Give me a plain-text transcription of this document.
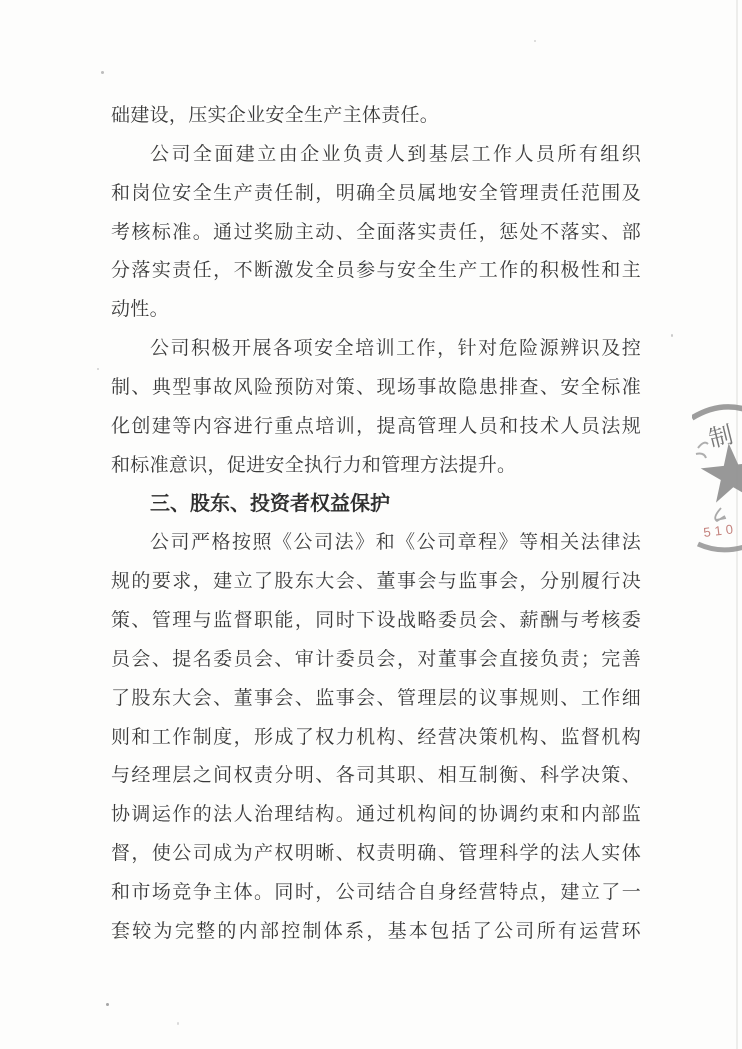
础建设，压实企业安全生产主体责任。
公司全面建立由企业负责人到基层工作人员所有组织
和岗位安全生产责任制，明确全员属地安全管理责任范围及
考核标准。通过奖励主动、全面落实责任，惩处不落实、部
分落实责任，不断激发全员参与安全生产工作的积极性和主
动性。
公司积极开展各项安全培训工作，针对危险源辨识及控
制、典型事故风险预防对策、现场事故隐患排查、安全标准
化创建等内容进行重点培训，提高管理人员和技术人员法规
和标准意识，促进安全执行力和管理方法提升。
三、股东、投资者权益保护
公司严格按照《公司法》和《公司章程》等相关法律法
规的要求，建立了股东大会、董事会与监事会，分别履行决
策、管理与监督职能，同时下设战略委员会、薪酬与考核委
员会、提名委员会、审计委员会，对董事会直接负责；完善
了股东大会、董事会、监事会、管理层的议事规则、工作细
则和工作制度，形成了权力机构、经营决策机构、监督机构
与经理层之间权责分明、各司其职、相互制衡、科学决策、
协调运作的法人治理结构。通过机构间的协调约束和内部监
督，使公司成为产权明晰、权责明确、管理科学的法人实体
和市场竞争主体。同时，公司结合自身经营特点，建立了一
套较为完整的内部控制体系，基本包括了公司所有运营环
制
510
